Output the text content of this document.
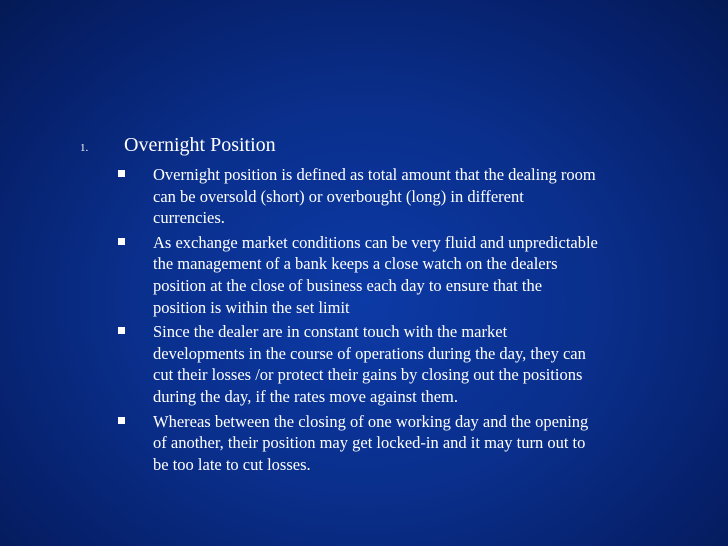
1. Overnight Position
Overnight position is defined as total amount that the dealing room
can be oversold (short) or overbought (long) in different
currencies.
As exchange market conditions can be very fluid and unpredictable
the management of a bank keeps a close watch on the dealers
position at the close of business each day to ensure that the
position is within the set limit
Since the dealer are in constant touch with the market
developments in the course of operations during the day, they can
cut their losses /or protect their gains by closing out the positions
during the day, if the rates move against them.
Whereas between the closing of one working day and the opening
of another, their position may get locked-in and it may turn out to
be too late to cut losses.
